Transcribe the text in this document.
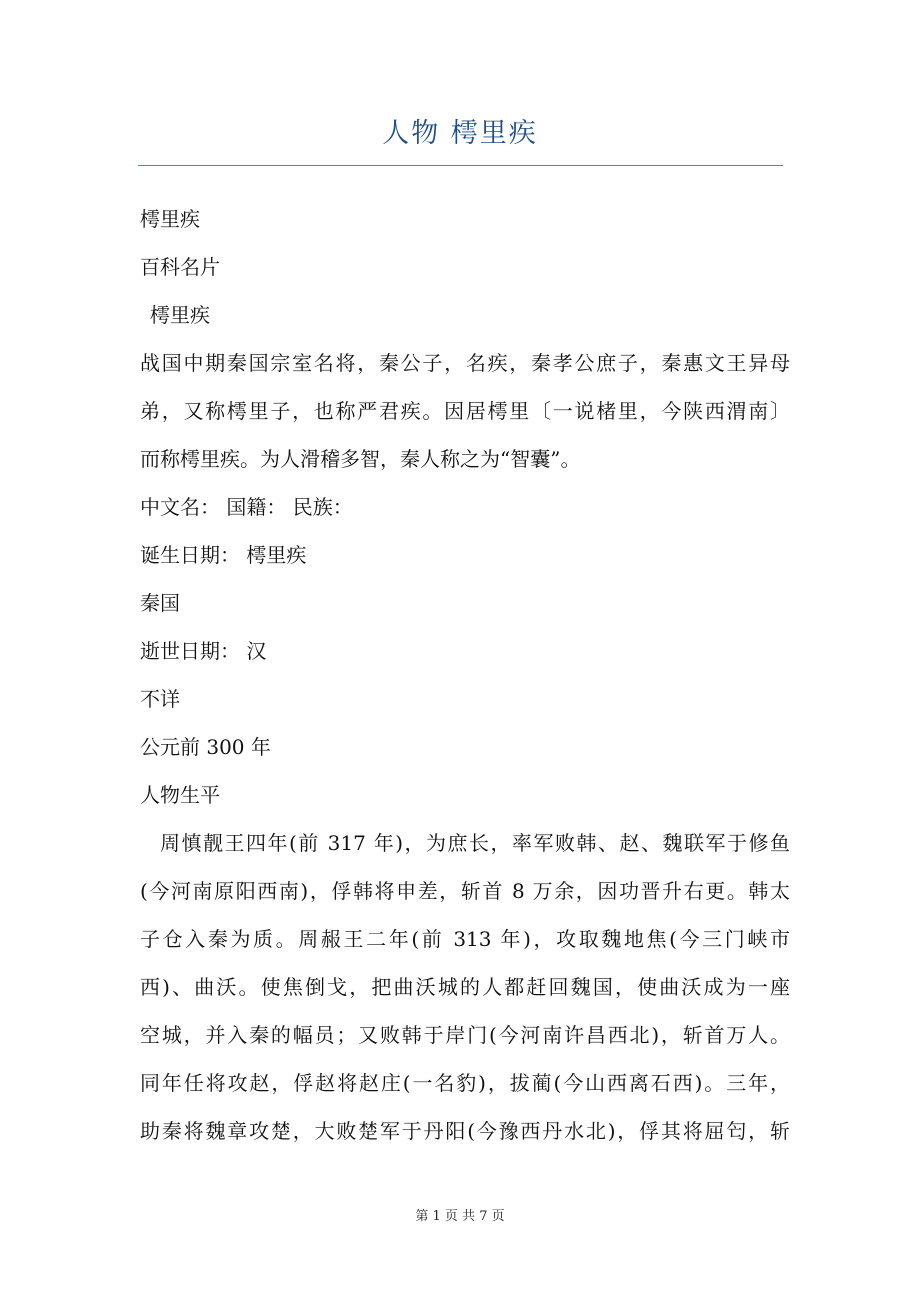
人物 樗里疾

樗里疾

百科名片

樗里疾

战国中期秦国宗室名将，秦公子，名疾，秦孝公庶子，秦惠文王异母

弟，又称樗里子，也称严君疾。因居樗里〔一说楮里，今陕西渭南〕

而称樗里疾。为人滑稽多智，秦人称之为“智囊”。

中文名： 国籍： 民族：

诞生日期： 樗里疾

秦国

逝世日期： 汉

不详

公元前 300 年

人物生平

周慎靓王四年(前 317 年)，为庶长，率军败韩、赵、魏联军于修鱼

(今河南原阳西南)，俘韩将申差，斩首 8 万余，因功晋升右更。韩太

子仓入秦为质。周赧王二年(前 313 年)，攻取魏地焦(今三门峡市

西)、曲沃。使焦倒戈，把曲沃城的人都赶回魏国，使曲沃成为一座

空城，并入秦的幅员；又败韩于岸门(今河南许昌西北)，斩首万人。

同年任将攻赵，俘赵将赵庄(一名豹)，拔蔺(今山西离石西)。三年，

助秦将魏章攻楚，大败楚军于丹阳(今豫西丹水北)，俘其将屈匄，斩

第 1 页 共 7 页
